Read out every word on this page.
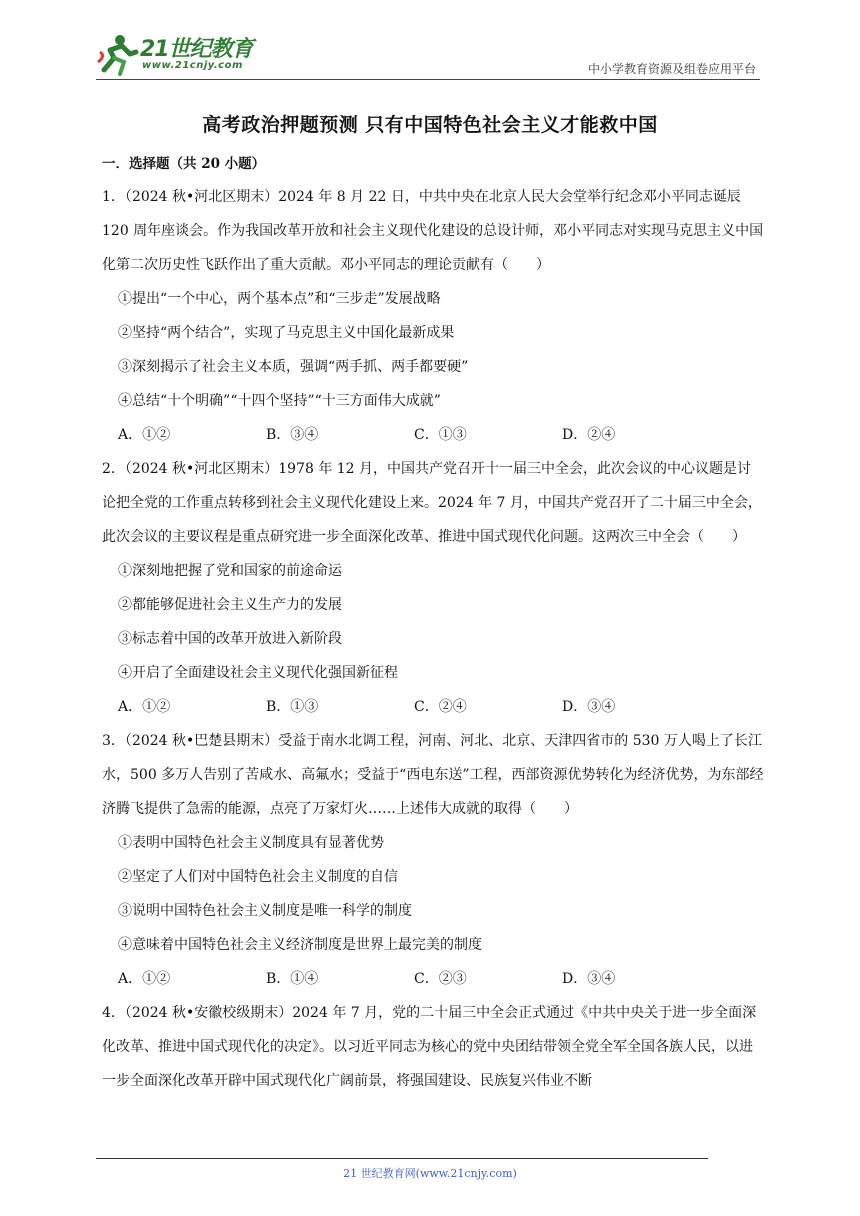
21世纪教育
www.21cnjy.com	中小学教育资源及组卷应用平台
高考政治押题预测 只有中国特色社会主义才能救中国
一．选择题（共 20 小题）
1．（2024 秋•河北区期末）2024 年 8 月 22 日，中共中央在北京人民大会堂举行纪念邓小平同志诞辰 120 周年座谈会。作为我国改革开放和社会主义现代化建设的总设计师，邓小平同志对实现马克思主义中国化第二次历史性飞跃作出了重大贡献。邓小平同志的理论贡献有（　　）
①提出“一个中心，两个基本点”和“三步走”发展战略
②坚持“两个结合”，实现了马克思主义中国化最新成果
③深刻揭示了社会主义本质，强调“两手抓、两手都要硬”
④总结“十个明确”“十四个坚持”“十三方面伟大成就”
A．①②	B．③④	C．①③	D．②④
2．（2024 秋•河北区期末）1978 年 12 月，中国共产党召开十一届三中全会，此次会议的中心议题是讨论把全党的工作重点转移到社会主义现代化建设上来。2024 年 7 月，中国共产党召开了二十届三中全会，此次会议的主要议程是重点研究进一步全面深化改革、推进中国式现代化问题。这两次三中全会（　　）
①深刻地把握了党和国家的前途命运
②都能够促进社会主义生产力的发展
③标志着中国的改革开放进入新阶段
④开启了全面建设社会主义现代化强国新征程
A．①②	B．①③	C．②④	D．③④
3．（2024 秋•巴楚县期末）受益于南水北调工程，河南、河北、北京、天津四省市的 530 万人喝上了长江水，500 多万人告别了苦咸水、高氟水；受益于“西电东送”工程，西部资源优势转化为经济优势，为东部经济腾飞提供了急需的能源，点亮了万家灯火……上述伟大成就的取得（　　）
①表明中国特色社会主义制度具有显著优势
②坚定了人们对中国特色社会主义制度的自信
③说明中国特色社会主义制度是唯一科学的制度
④意味着中国特色社会主义经济制度是世界上最完美的制度
A．①②	B．①④	C．②③	D．③④
4．（2024 秋•安徽校级期末）2024 年 7 月，党的二十届三中全会正式通过《中共中央关于进一步全面深化改革、推进中国式现代化的决定》。以习近平同志为核心的党中央团结带领全党全军全国各族人民，以进一步全面深化改革开辟中国式现代化广阔前景，将强国建设、民族复兴伟业不断
21 世纪教育网(www.21cnjy.com)
